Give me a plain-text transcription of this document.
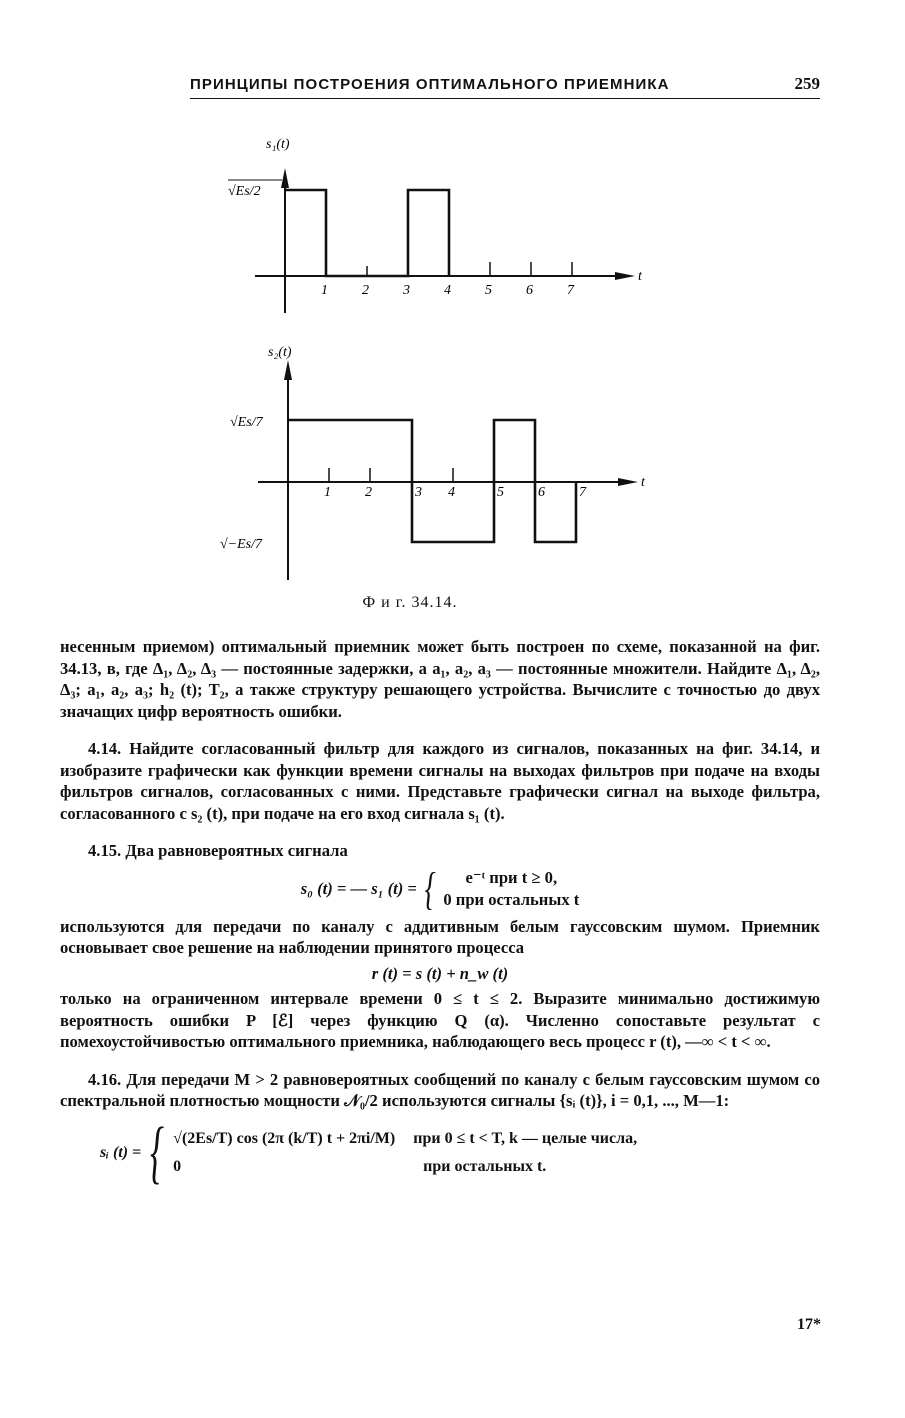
ПРИНЦИПЫ ПОСТРОЕНИЯ ОПТИМАЛЬНОГО ПРИЕМНИКА	259
s₁(t)
√Es/2
t
1 2 3 4 5 6 7
s₂(t)
√Es/7
√−Es/7
t
1 2	3 4	5 6 7
Ф и г. 34.14.

несенным приемом) оптимальный приемник может быть построен по схеме, показанной на фиг. 34.13, в, где Δ₁, Δ₂, Δ₃ — постоянные задержки, а a₁, a₂, a₃ — постоянные множители. Найдите Δ₁, Δ₂, Δ₃; a₁, a₂, a₃; h₂ (t); T₂, а также структуру решающего устройства. Вычислите с точностью до двух значащих цифр вероятность ошибки.

4.14. Найдите согласованный фильтр для каждого из сигналов, показанных на фиг. 34.14, и изобразите графически как функции времени сигналы на выходах фильтров при подаче на входы фильтров сигналов, согласованных с ними. Представьте графически сигнал на выходе фильтра, согласованного с s₂ (t), при подаче на его вход сигнала s₁ (t).

4.15. Два равновероятных сигнала

s₀ (t) = — s₁ (t) = {	e⁻ᵗ при t ≥ 0,
0 при остальных t

используются для передачи по каналу с аддитивным белым гауссовским шумом. Приемник основывает свое решение на наблюдении принятого процесса

r (t) = s (t) + n_w (t)

только на ограниченном интервале времени 0 ≤ t ≤ 2. Выразите минимально достижимую вероятность ошибки P [ℰ] через функцию Q (α). Численно сопоставьте результат с помехоустойчивостью оптимального приемника, наблюдающего весь процесс r (t), —∞ < t < ∞.

4.16. Для передачи M > 2 равновероятных сообщений по каналу с белым гауссовским шумом со спектральной плотностью мощности 𝒩₀/2 используются сигналы {sᵢ (t)}, i = 0,1, ..., M—1:

sᵢ (t) = { √(2Es/T) cos (2π (k/T) t + 2πi/M) при 0 ≤ t < T, k — целые числа,
0	при остальных t.
17*
